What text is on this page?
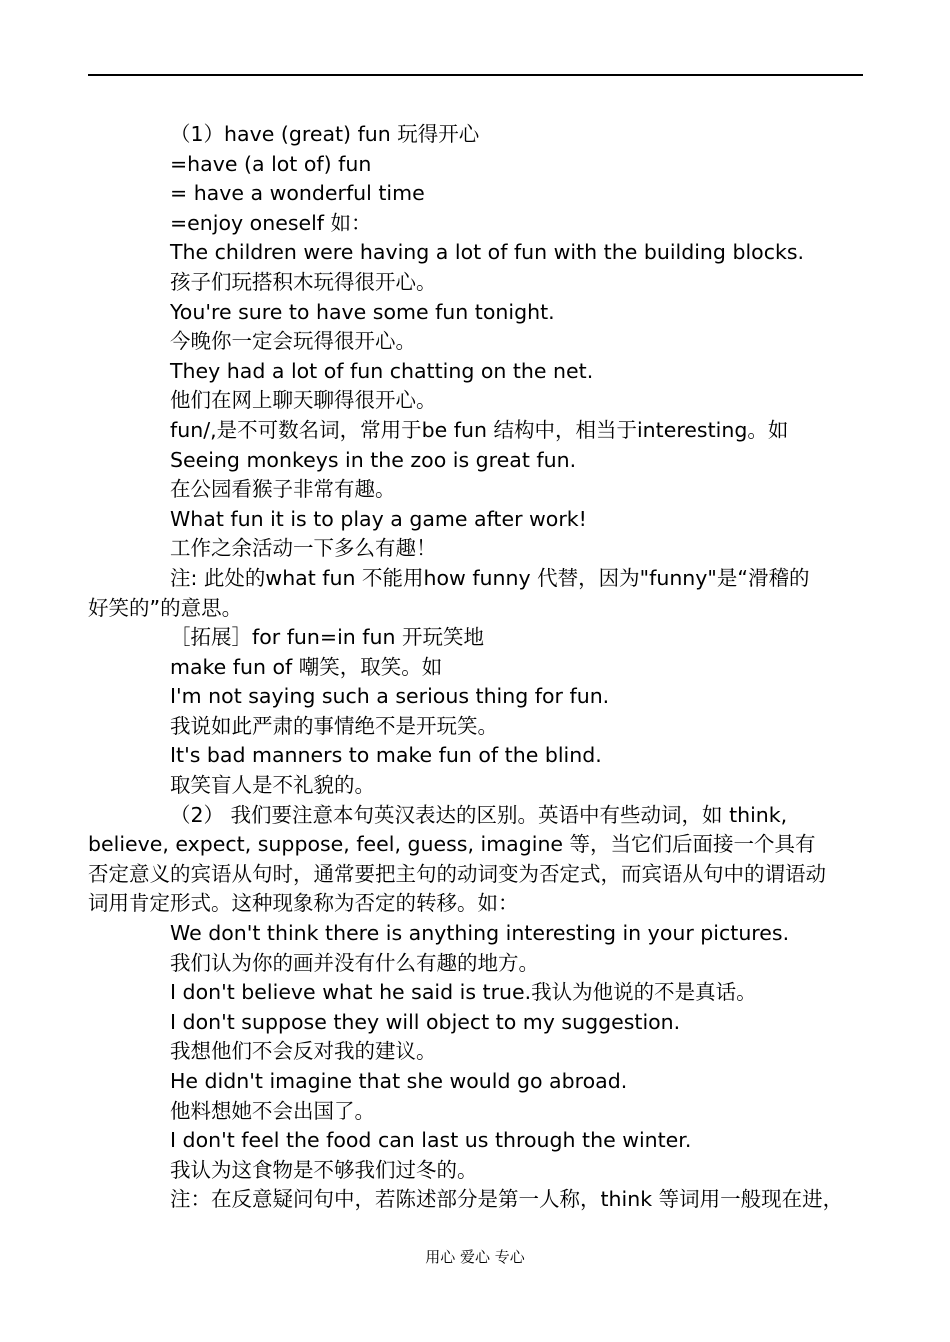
（1）have (great) fun 玩得开心
=have (a lot of) fun
= have a wonderful time
=enjoy oneself 如：
The children were having a lot of fun with the building blocks.
孩子们玩搭积木玩得很开心。
You're sure to have some fun tonight.
今晚你一定会玩得很开心。
They had a lot of fun chatting on the net.
他们在网上聊天聊得很开心。
fun/,是不可数名词，常用于be fun 结构中，相当于interesting。如
Seeing monkeys in the zoo is great fun.
在公园看猴子非常有趣。
What fun it is to play a game after work!
工作之余活动一下多么有趣！
注: 此处的what fun 不能用how funny 代替，因为"funny"是“滑稽的
好笑的”的意思。
［拓展］for fun=in fun 开玩笑地
make fun of 嘲笑，取笑。如
I'm not saying such a serious thing for fun.
我说如此严肃的事情绝不是开玩笑。
It's bad manners to make fun of the blind.
取笑盲人是不礼貌的。
（2） 我们要注意本句英汉表达的区别。英语中有些动词，如 think,
believe, expect, suppose, feel, guess, imagine 等，当它们后面接一个具有
否定意义的宾语从句时，通常要把主句的动词变为否定式，而宾语从句中的谓语动
词用肯定形式。这种现象称为否定的转移。如：
We don't think there is anything interesting in your pictures.
我们认为你的画并没有什么有趣的地方。
I don't believe what he said is true.我认为他说的不是真话。
I don't suppose they will object to my suggestion.
我想他们不会反对我的建议。
He didn't imagine that she would go abroad.
他料想她不会出国了。
I don't feel the food can last us through the winter.
我认为这食物是不够我们过冬的。
注：在反意疑问句中，若陈述部分是第一人称，think 等词用一般现在进，
用心 爱心 专心
